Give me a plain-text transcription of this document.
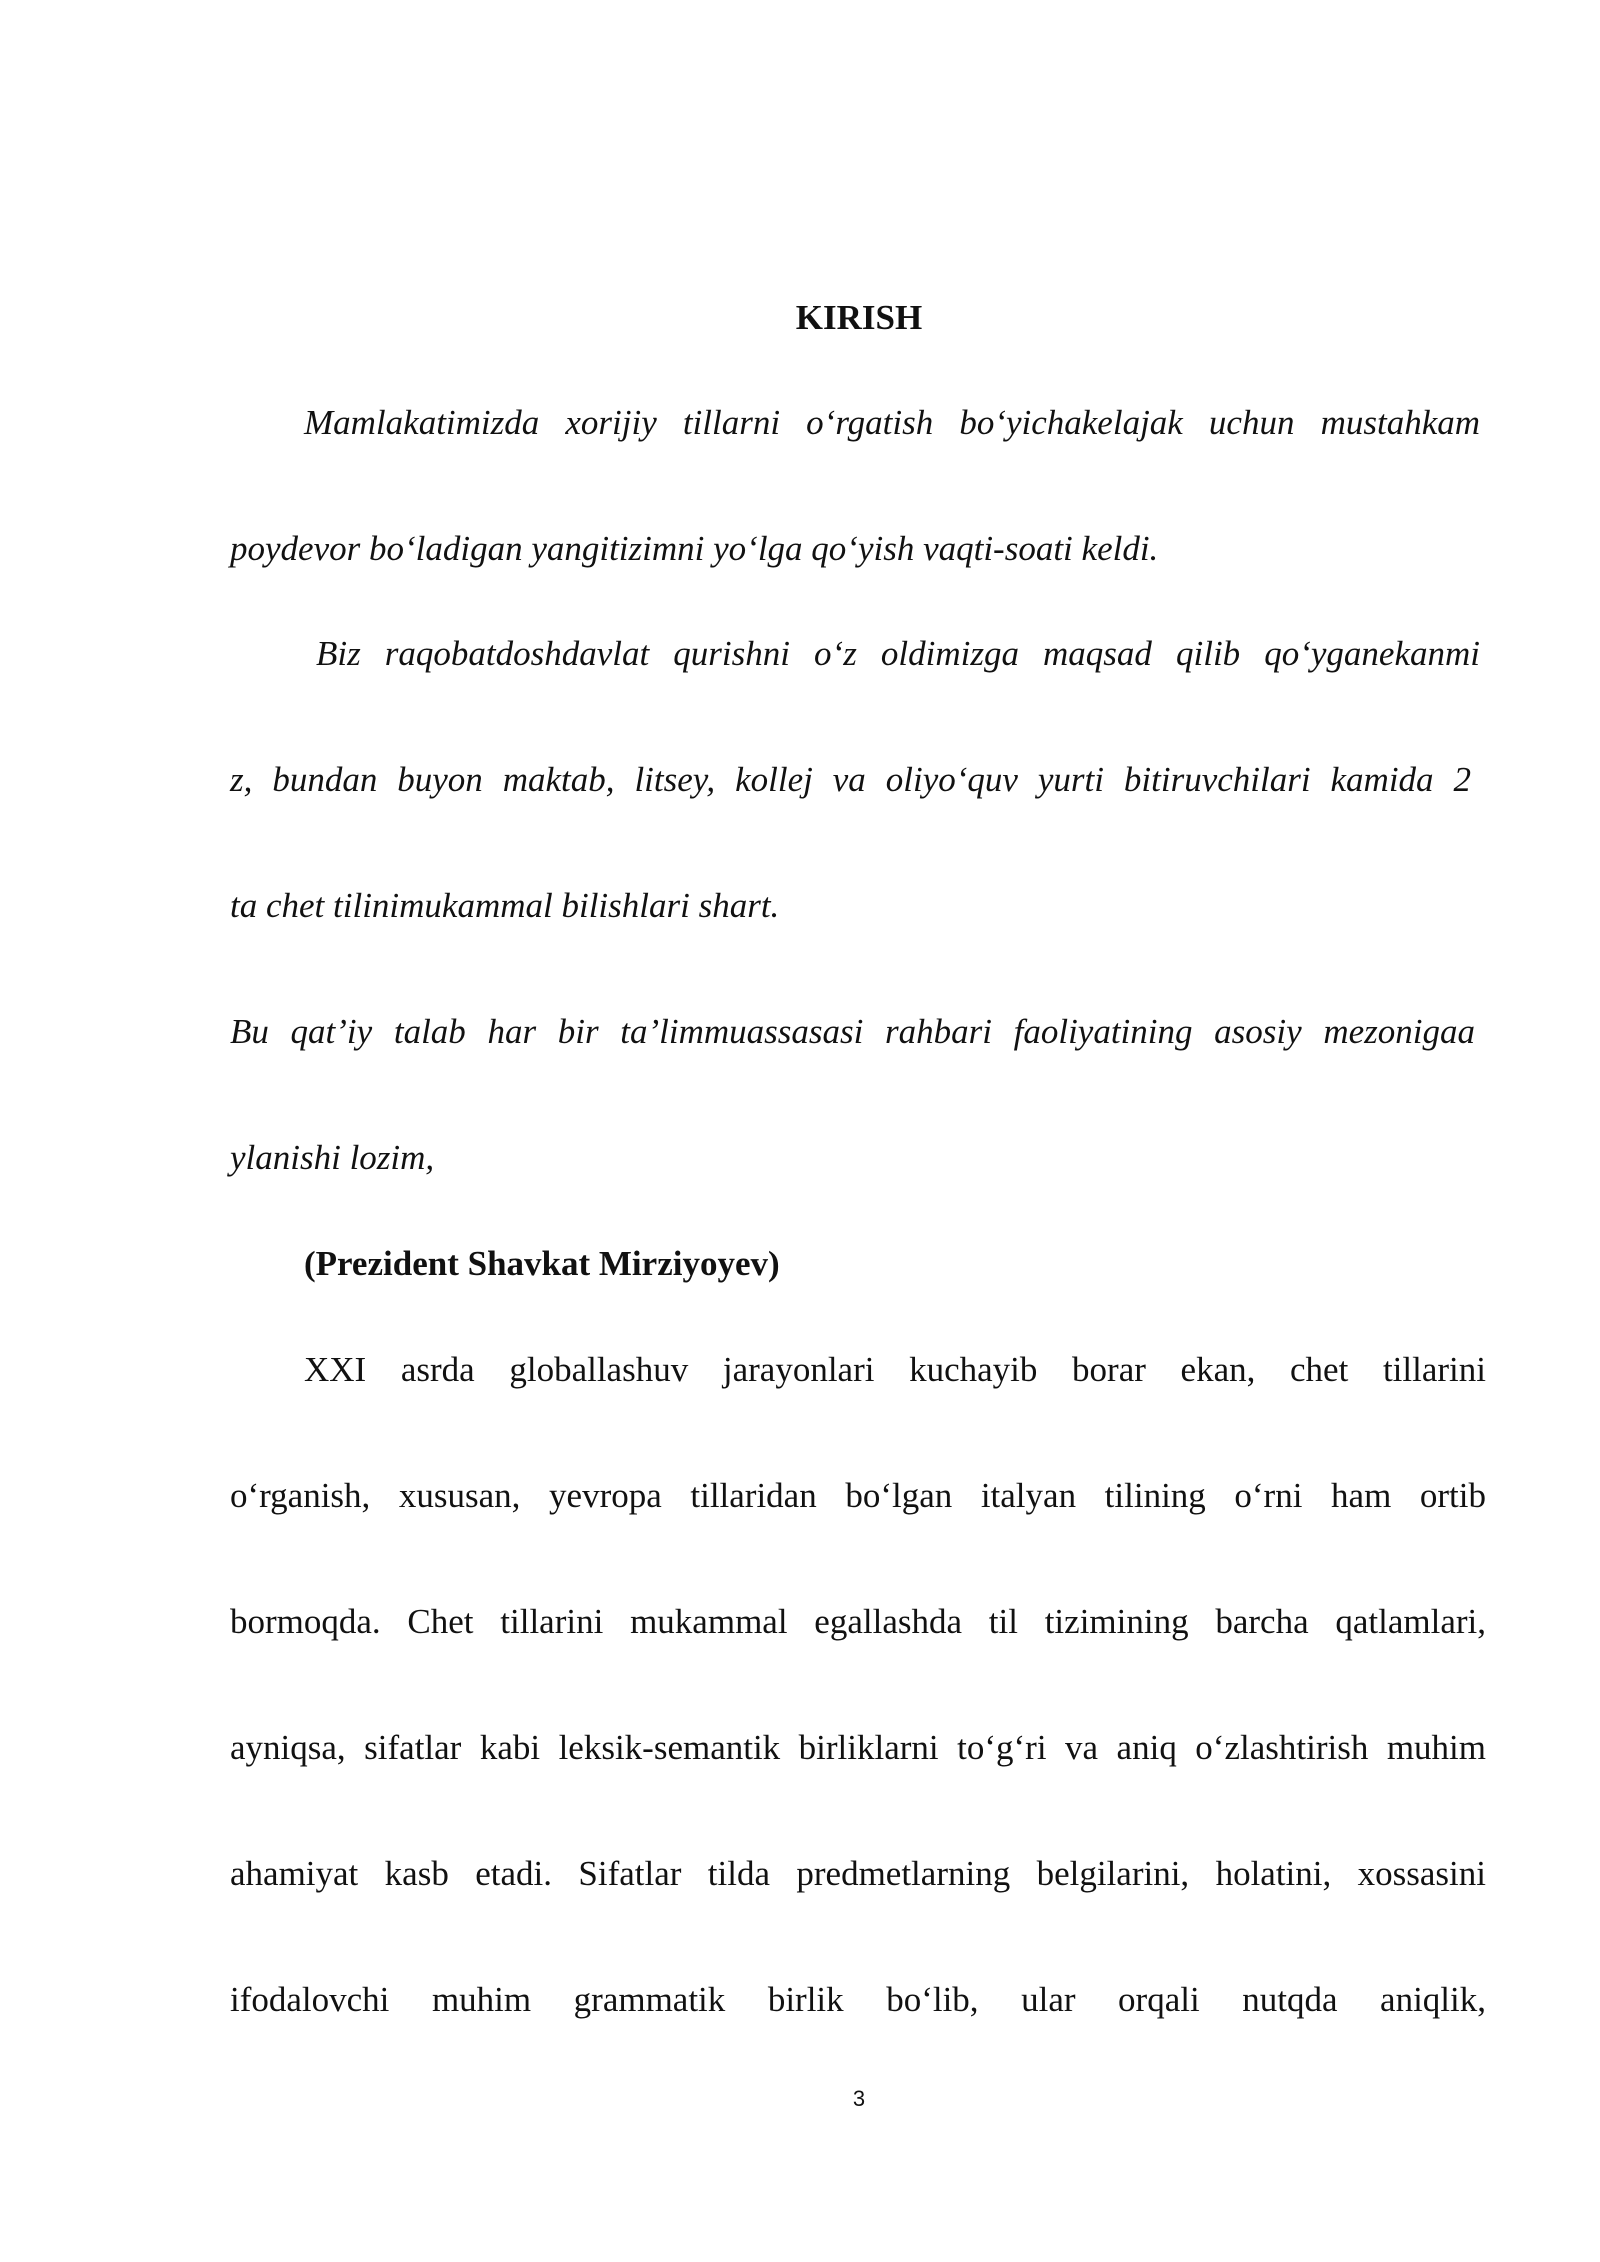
KIRISH
Mamlakatimizda xorijiy tillarni o‘rgatish bo‘yichakelajak uchun mustahkam
poydevor bo‘ladigan yangitizimni yo‘lga qo‘yish vaqti-soati keldi.
Biz raqobatdoshdavlat qurishni o‘z oldimizga maqsad qilib qo‘yganekanmi
z, bundan buyon maktab, litsey, kollej va oliyo‘quv yurti bitiruvchilari kamida 2
ta chet tilinimukammal bilishlari shart.
Bu qat’iy talab har bir ta’limmuassasasi rahbari faoliyatining asosiy mezonigaa
ylanishi lozim,
(Prezident Shavkat Mirziyoyev)
XXI asrda globallashuv jarayonlari kuchayib borar ekan, chet tillarini
o‘rganish, xususan, yevropa tillaridan bo‘lgan italyan tilining o‘rni ham ortib
bormoqda. Chet tillarini mukammal egallashda til tizimining barcha qatlamlari,
ayniqsa, sifatlar kabi leksik-semantik birliklarni to‘g‘ri va aniq o‘zlashtirish muhim
ahamiyat kasb etadi. Sifatlar tilda predmetlarning belgilarini, holatini, xossasini
ifodalovchi muhim grammatik birlik bo‘lib, ular orqali nutqda aniqlik,
3
